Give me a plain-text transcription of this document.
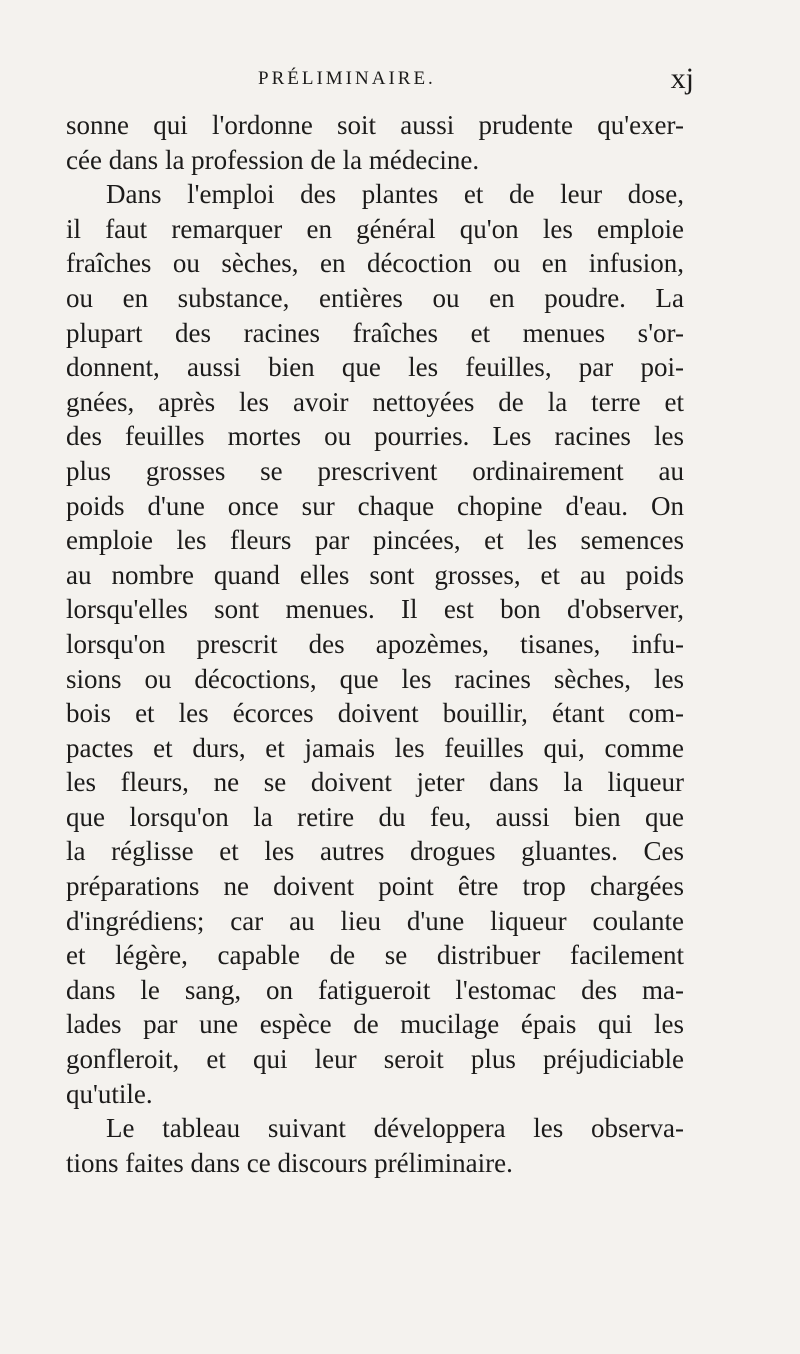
PRÉLIMINAIRE.	xj
sonne qui l'ordonne soit aussi prudente qu'exer-
cée dans la profession de la médecine.
Dans l'emploi des plantes et de leur dose,
il faut remarquer en général qu'on les emploie
fraîches ou sèches, en décoction ou en infusion,
ou en substance, entières ou en poudre. La
plupart des racines fraîches et menues s'or-
donnent, aussi bien que les feuilles, par poi-
gnées, après les avoir nettoyées de la terre et
des feuilles mortes ou pourries. Les racines les
plus grosses se prescrivent ordinairement au
poids d'une once sur chaque chopine d'eau. On
emploie les fleurs par pincées, et les semences
au nombre quand elles sont grosses, et au poids
lorsqu'elles sont menues. Il est bon d'observer,
lorsqu'on prescrit des apozèmes, tisanes, infu-
sions ou décoctions, que les racines sèches, les
bois et les écorces doivent bouillir, étant com-
pactes et durs, et jamais les feuilles qui, comme
les fleurs, ne se doivent jeter dans la liqueur
que lorsqu'on la retire du feu, aussi bien que
la réglisse et les autres drogues gluantes. Ces
préparations ne doivent point être trop chargées
d'ingrédiens; car au lieu d'une liqueur coulante
et légère, capable de se distribuer facilement
dans le sang, on fatigueroit l'estomac des ma-
lades par une espèce de mucilage épais qui les
gonfleroit, et qui leur seroit plus préjudiciable
qu'utile.
Le tableau suivant développera les observa-
tions faites dans ce discours préliminaire.
